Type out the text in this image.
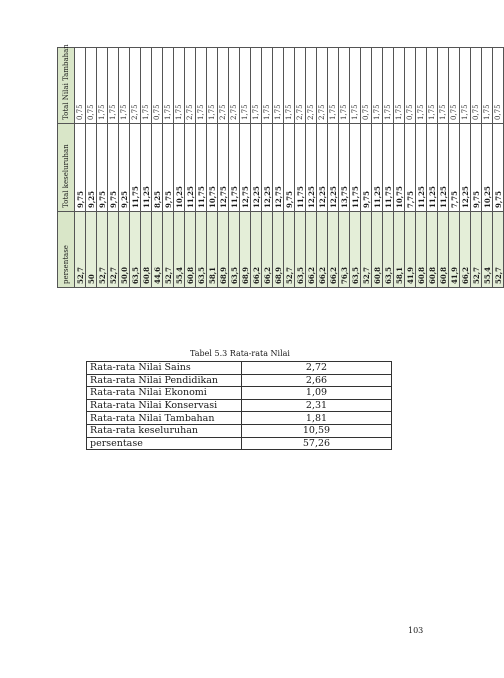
persentase	Total keseluruhan	Total Nilai Tambahan
52,7	9,75	0,75
50	9,25	0,75
52,7	9,75	1,75
52,7	9,75	1,75
50,0	9,25	1,75
63,5	11,75	2,75
60,8	11,25	1,75
44,6	8,25	0,75
52,7	9,75	1,75
55,4	10,25	1,75
60,8	11,25	2,75
63,5	11,75	1,75
58,1	10,75	1,75
68,9	12,75	2,75
63,5	11,75	2,75
68,9	12,75	1,75
66,2	12,25	1,75
66,2	12,25	1,75
68,9	12,75	1,75
52,7	9,75	1,75
63,5	11,75	2,75
66,2	12,25	2,75
66,2	12,25	2,75
66,2	12,25	1,75
76,3	13,75	1,75
63,5	11,75	1,75
52,7	9,75	0,75
60,8	11,25	1,75
63,5	11,75	1,75
58,1	10,75	1,75
41,9	7,75	0,75
60,8	11,25	1,75
60,8	11,25	1,75
60,8	11,25	1,75
41,9	7,75	0,75
66,2	12,25	1,75
52,7	9,75	0,75
55,4	10,25	1,75
52,7	9,75	0,75
Tabel 5.3 Rata-rata Nilai
Rata-rata Nilai Sains	2,72
Rata-rata Nilai Pendidikan	2,66
Rata-rata Nilai Ekonomi	1,09
Rata-rata Nilai Konservasi	2,31
Rata-rata Nilai Tambahan	1,81
Rata-rata keseluruhan	10,59
persentase	57,26
103
